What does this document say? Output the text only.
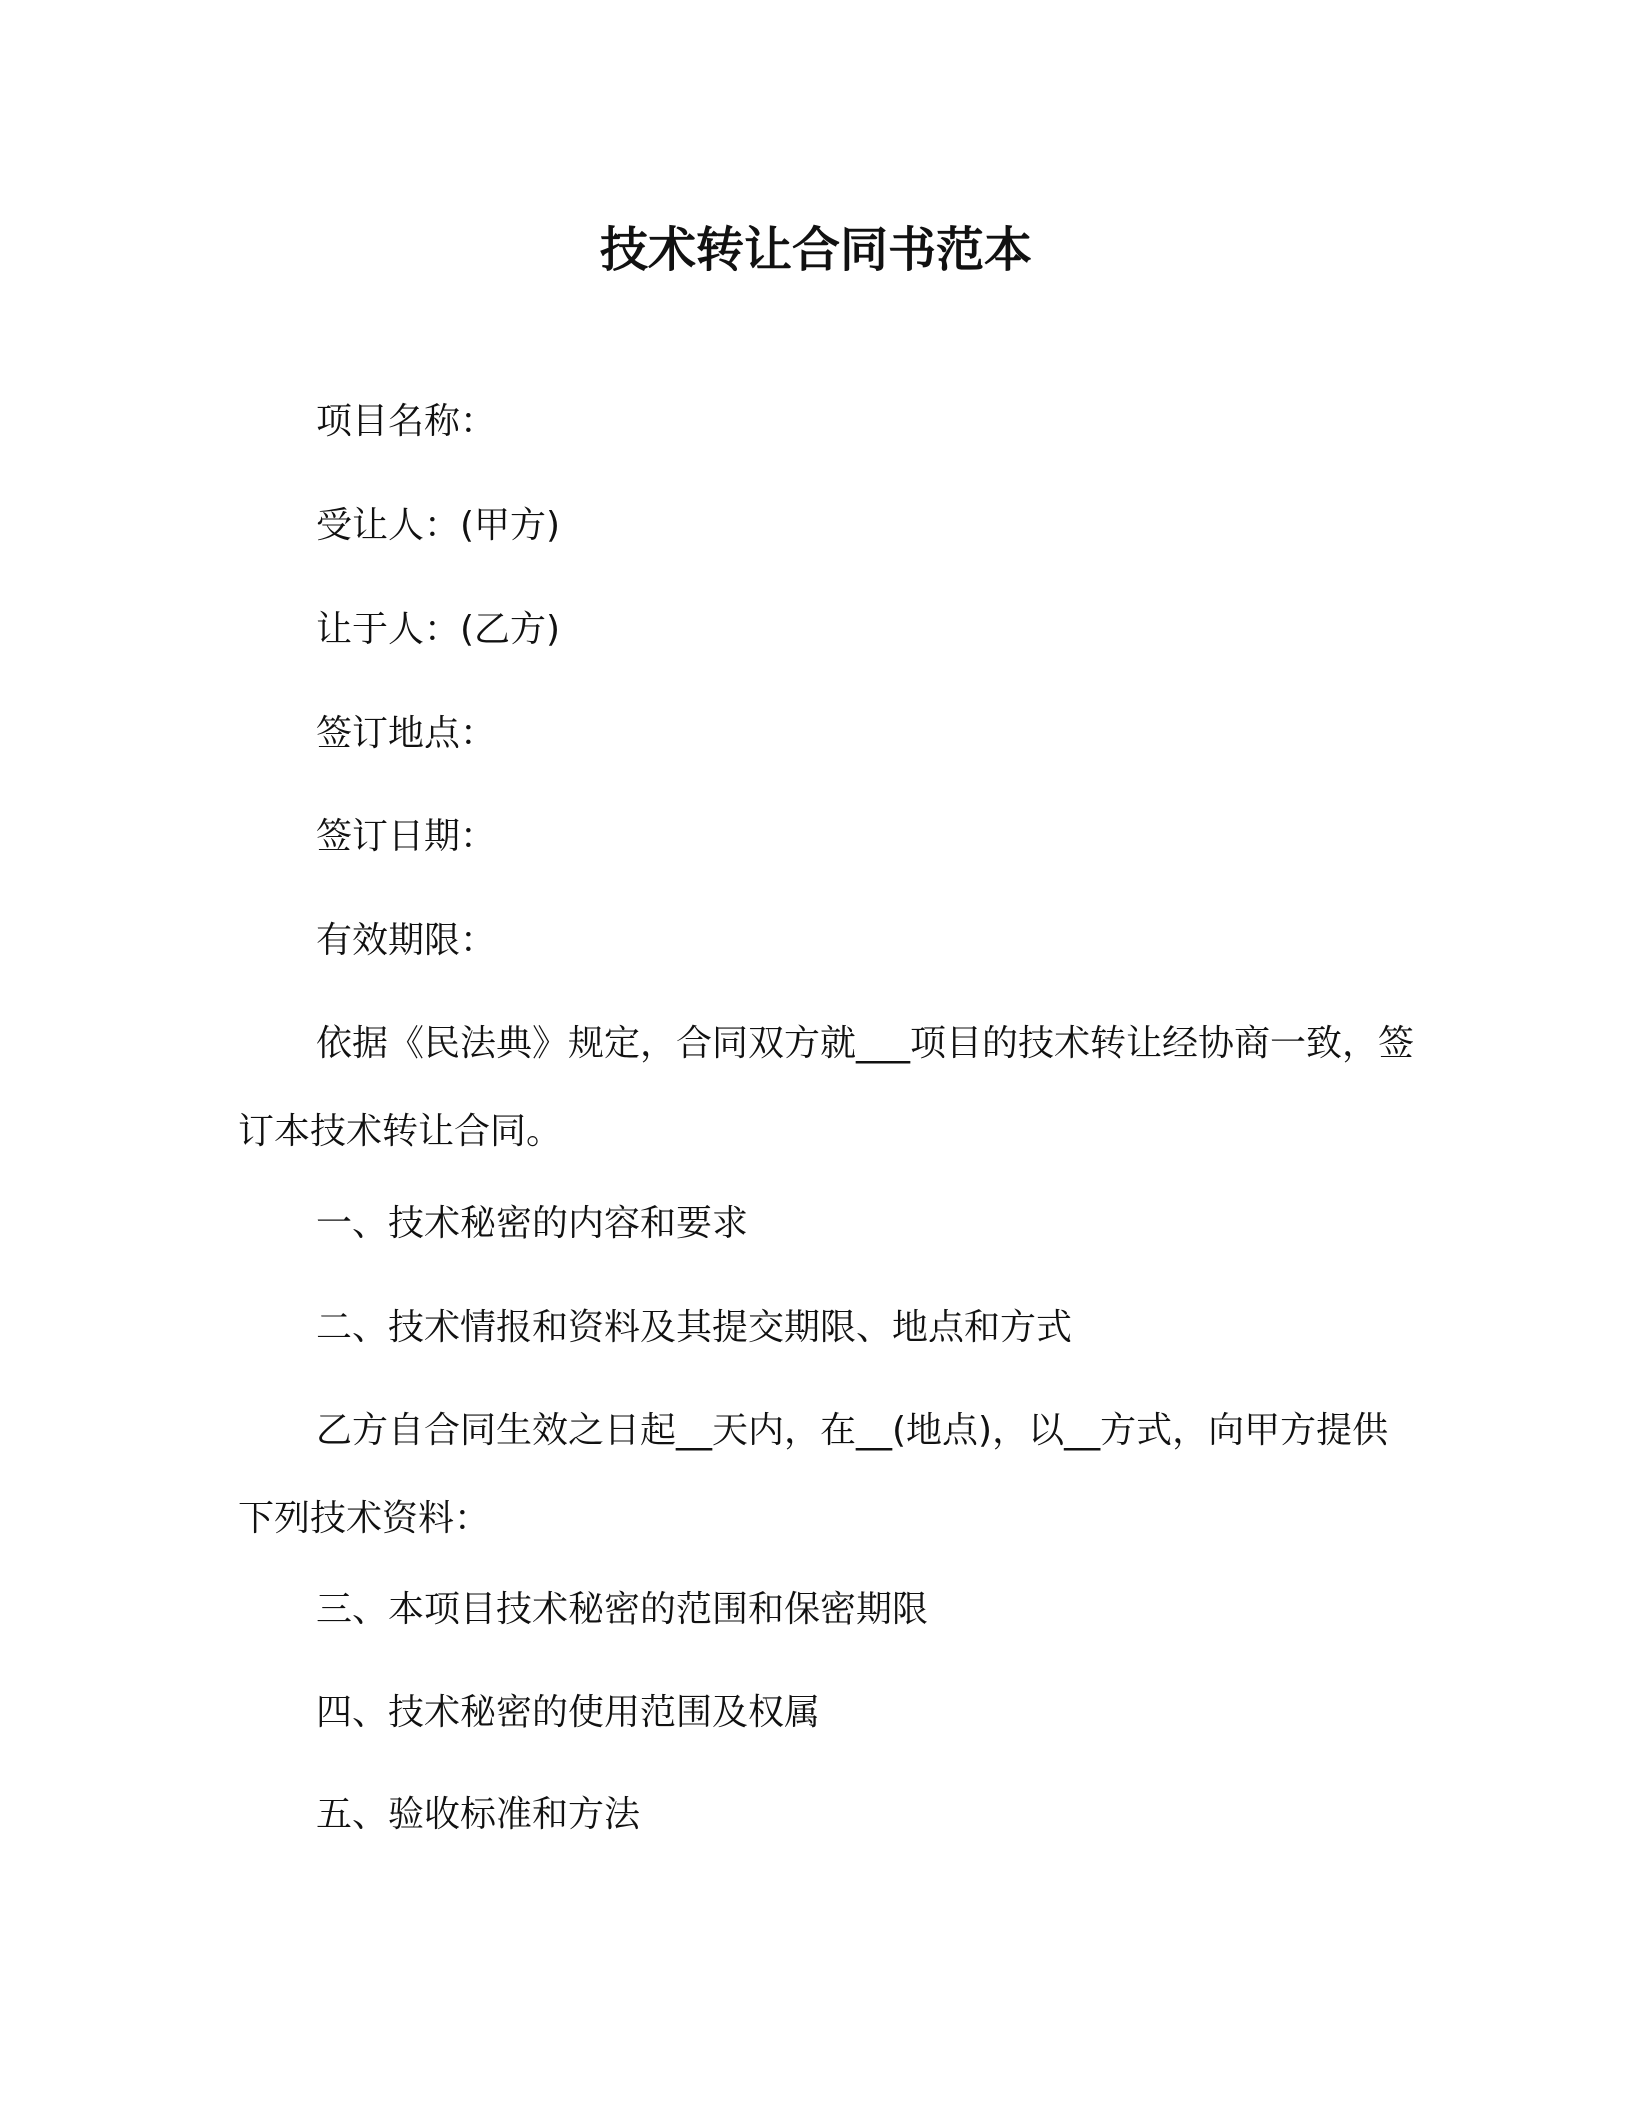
技术转让合同书范本
项目名称：
受让人：(甲方)
让于人：(乙方)
签订地点：
签订日期：
有效期限：
依据《民法典》规定，合同双方就___项目的技术转让经协商一致，签订本技术转让合同。
一、技术秘密的内容和要求
二、技术情报和资料及其提交期限、地点和方式
乙方自合同生效之日起__天内，在__(地点)，以__方式，向甲方提供下列技术资料：
三、本项目技术秘密的范围和保密期限
四、技术秘密的使用范围及权属
五、验收标准和方法
